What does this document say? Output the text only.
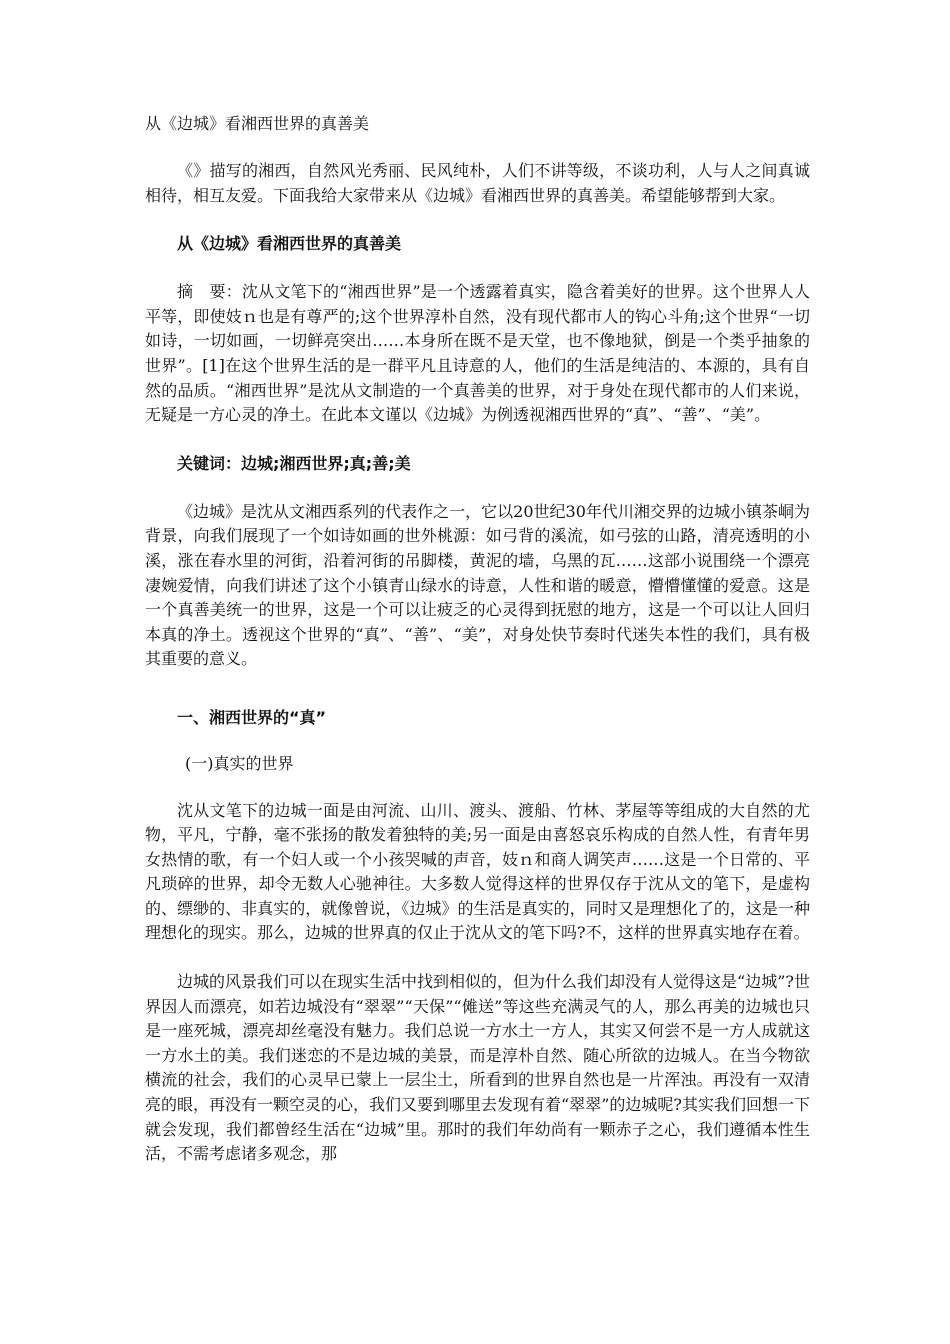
从《边城》看湘西世界的真善美

《》描写的湘西，自然风光秀丽、民风纯朴，人们不讲等级，不谈功利，人与人之间真诚相待，相互友爱。下面我给大家带来从《边城》看湘西世界的真善美。希望能够帮到大家。

从《边城》看湘西世界的真善美

摘　要：沈从文笔下的“湘西世界”是一个透露着真实，隐含着美好的世界。这个世界人人平等，即使妓ｎ也是有尊严的;这个世界淳朴自然，没有现代都市人的钩心斗角;这个世界“一切如诗，一切如画，一切鲜亮突出……本身所在既不是天堂，也不像地狱，倒是一个类乎抽象的世界”。[1]在这个世界生活的是一群平凡且诗意的人，他们的生活是纯洁的、本源的，具有自然的品质。“湘西世界”是沈从文制造的一个真善美的世界，对于身处在现代都市的人们来说，无疑是一方心灵的净土。在此本文谨以《边城》为例透视湘西世界的“真”、“善”、“美”。

关键词：边城;湘西世界;真;善;美

《边城》是沈从文湘西系列的代表作之一，它以20世纪30年代川湘交界的边城小镇茶峒为背景，向我们展现了一个如诗如画的世外桃源：如弓背的溪流，如弓弦的山路，清亮透明的小溪，涨在春水里的河街，沿着河街的吊脚楼，黄泥的墙，乌黑的瓦……这部小说围绕一个漂亮凄婉爱情，向我们讲述了这个小镇青山绿水的诗意，人性和谐的暖意，懵懵懂懂的爱意。这是一个真善美统一的世界，这是一个可以让疲乏的心灵得到抚慰的地方，这是一个可以让人回归本真的净土。透视这个世界的“真”、“善”、“美”，对身处快节奏时代迷失本性的我们，具有极其重要的意义。

一、湘西世界的“真”

(一)真实的世界

沈从文笔下的边城一面是由河流、山川、渡头、渡船、竹林、茅屋等等组成的大自然的尤物，平凡，宁静，毫不张扬的散发着独特的美;另一面是由喜怒哀乐构成的自然人性，有青年男女热情的歌，有一个妇人或一个小孩哭喊的声音，妓ｎ和商人调笑声……这是一个日常的、平凡琐碎的世界，却令无数人心驰神往。大多数人觉得这样的世界仅存于沈从文的笔下，是虚构的、缥缈的、非真实的，就像曾说，《边城》的生活是真实的，同时又是理想化了的，这是一种理想化的现实。那么，边城的世界真的仅止于沈从文的笔下吗?不，这样的世界真实地存在着。

边城的风景我们可以在现实生活中找到相似的，但为什么我们却没有人觉得这是“边城”?世界因人而漂亮，如若边城没有“翠翠”“天保”“傩送”等这些充满灵气的人，那么再美的边城也只是一座死城，漂亮却丝毫没有魅力。我们总说一方水土一方人，其实又何尝不是一方人成就这一方水土的美。我们迷恋的不是边城的美景，而是淳朴自然、随心所欲的边城人。在当今物欲横流的社会，我们的心灵早已蒙上一层尘土，所看到的世界自然也是一片浑浊。再没有一双清亮的眼，再没有一颗空灵的心，我们又要到哪里去发现有着“翠翠”的边城呢?其实我们回想一下就会发现，我们都曾经生活在“边城”里。那时的我们年幼尚有一颗赤子之心，我们遵循本性生活，不需考虑诸多观念，那
